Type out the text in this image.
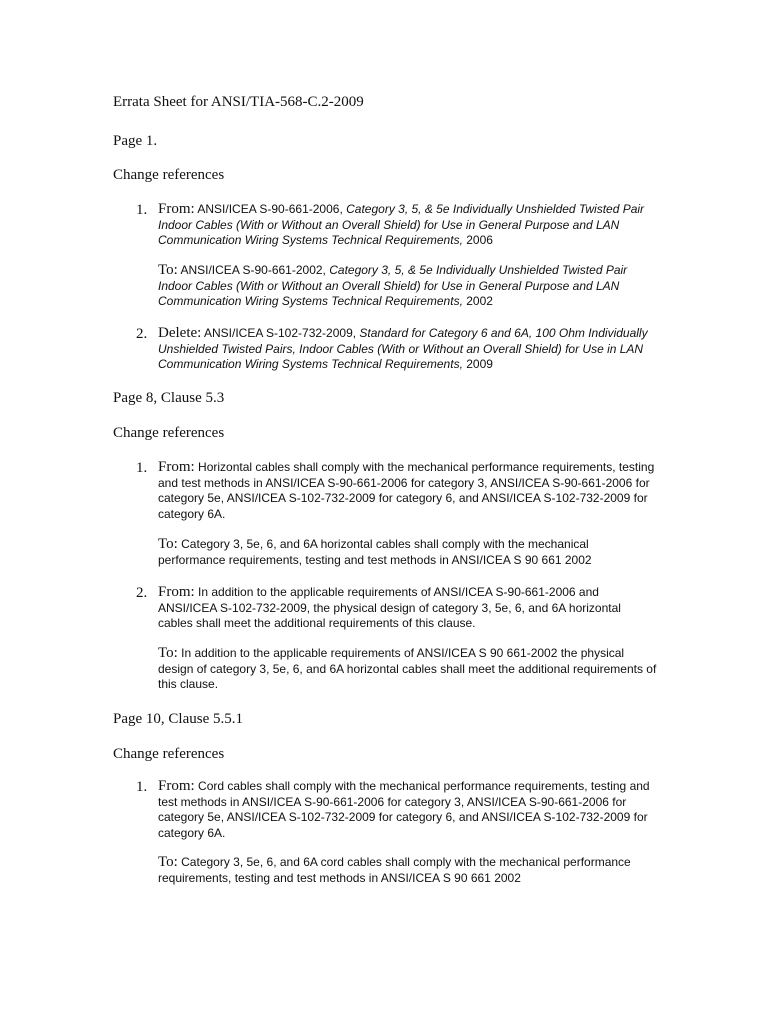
Errata Sheet for ANSI/TIA-568-C.2-2009
Page 1.
Change references
1. From: ANSI/ICEA S-90-661-2006, Category 3, 5, & 5e Individually Unshielded Twisted Pair Indoor Cables (With or Without an Overall Shield) for Use in General Purpose and LAN Communication Wiring Systems Technical Requirements, 2006
To: ANSI/ICEA S-90-661-2002, Category 3, 5, & 5e Individually Unshielded Twisted Pair Indoor Cables (With or Without an Overall Shield) for Use in General Purpose and LAN Communication Wiring Systems Technical Requirements, 2002
2. Delete: ANSI/ICEA S-102-732-2009, Standard for Category 6 and 6A, 100 Ohm Individually Unshielded Twisted Pairs, Indoor Cables (With or Without an Overall Shield) for Use in LAN Communication Wiring Systems Technical Requirements, 2009
Page 8, Clause 5.3
Change references
1. From: Horizontal cables shall comply with the mechanical performance requirements, testing and test methods in ANSI/ICEA S-90-661-2006 for category 3, ANSI/ICEA S-90-661-2006 for category 5e, ANSI/ICEA S-102-732-2009 for category 6, and ANSI/ICEA S-102-732-2009 for category 6A.
To: Category 3, 5e, 6, and 6A horizontal cables shall comply with the mechanical performance requirements, testing and test methods in ANSI/ICEA S 90 661 2002
2. From: In addition to the applicable requirements of ANSI/ICEA S-90-661-2006 and ANSI/ICEA S-102-732-2009, the physical design of category 3, 5e, 6, and 6A horizontal cables shall meet the additional requirements of this clause.
To: In addition to the applicable requirements of ANSI/ICEA S 90 661-2002 the physical design of category 3, 5e, 6, and 6A horizontal cables shall meet the additional requirements of this clause.
Page 10, Clause 5.5.1
Change references
1. From: Cord cables shall comply with the mechanical performance requirements, testing and test methods in ANSI/ICEA S-90-661-2006 for category 3, ANSI/ICEA S-90-661-2006 for category 5e, ANSI/ICEA S-102-732-2009 for category 6, and ANSI/ICEA S-102-732-2009 for category 6A.
To: Category 3, 5e, 6, and 6A cord cables shall comply with the mechanical performance requirements, testing and test methods in ANSI/ICEA S 90 661 2002
